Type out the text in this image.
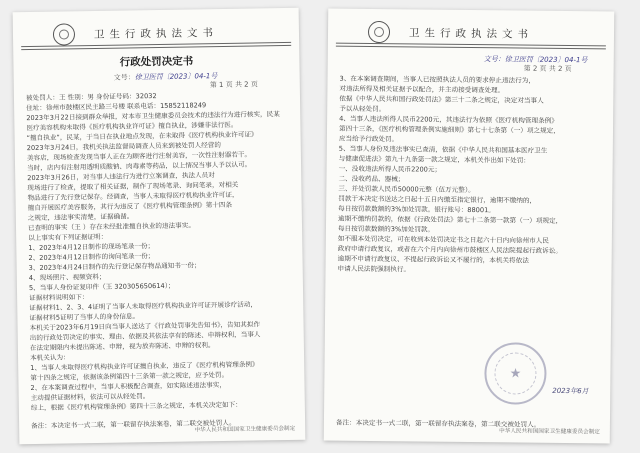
卫生行政执法文书
行政处罚决定书
文号：徐卫医罚〔2023〕04-1号
第 1 页 共 2 页
被处罚人：王 性别：男 身份证号码：32032
住址：徐州市鼓楼区民主路三号楼 联系电话：15852118249
2023年3月22日接到群众举报，对本市卫生健康委员会技术的违法行为进行核实，民某
医疗美容机构未取得《医疗机构执业许可证》擅自执业，涉嫌非法行医。
“擅自执业”，民某，于当日在执业地点发现，在未取得《医疗机构执业许可证》
2023年3月24日，我机关执法监督局调查人员来到被处罚人经营的
美容店，现场检查发现当事人正在为顾客进行注射美容，一次性注射器若干。
当时，店内有注射用透明质酸钠、肉毒素等药品，以上情况当事人予以认可。
2023年3月26日，对当事人违法行为进行立案调查，执法人员对
现场进行了检查，提取了相关证据，制作了现场笔录、询问笔录，对相关
物品进行了先行登记保存。经调查，当事人未取得医疗机构执业许可证，
擅自开展医疗美容服务，其行为违反了《医疗机构管理条例》第十四条
之规定，违法事实清楚，证据确凿。
已查明的事实（王 ）存在未经批准擅自执业的违法事实。
以上事实有下列证据证明：
1、2023年4月12日制作的现场笔录一份；
2、2023年4月12日制作的询问笔录一份；
3、2023年4月24日制作的先行登记保存物品通知书一份；
4、现场照片、视频资料；
5、当事人身份证复印件（王 320305650614）；
证据材料说明如下：
证据材料1、2、3、4证明了当事人未取得医疗机构执业许可证开展诊疗活动，
证据材料5证明了当事人的身份信息。
本机关于2023年6月19日向当事人送达了《行政处罚事先告知书》，告知其拟作
出的行政处罚决定的事实、理由、依据及其依法享有的陈述、申辩权利，当事人
在法定期限内未提出陈述、申辩，视为放弃陈述、申辩的权利。
本机关认为：
1、当事人未取得医疗机构执业许可证擅自执业，违反了《医疗机构管理条例》
第十四条之规定，依据该条例第四十三条第一款之规定，应予处罚。
2、在本案调查过程中，当事人积极配合调查，如实陈述违法事实，
主动提供证据材料，依法可以从轻处罚。
综上，根据《医疗机构管理条例》第四十三条之规定，本机关决定如下：
备注：本决定书一式二联，第一联留存执法案卷，第二联交被处罚人。
中华人民共和国国家卫生健康委员会制定
卫生行政执法文书
文号：徐卫医罚〔2023〕04-1号
第 2 页 共 2 页
3、在本案调查期间，当事人已按照执法人员的要求停止违法行为，
对违法所得及相关证据予以配合，并主动接受调查处理。
依据《中华人民共和国行政处罚法》第三十二条之规定，决定对当事人
予以从轻处罚。
4、当事人违法所得人民币2200元，其违法行为依照《医疗机构管理条例》
第四十三条，《医疗机构管理条例实施细则》第七十七条第（一）项之规定，
应当给予行政处罚。
5、当事人身份及违法事实已查清，依据《中华人民共和国基本医疗卫生
与健康促进法》第九十九条第一款之规定，本机关作出如下处罚：
一、没收违法所得人民币2200元；
二、没收药品、器械；
三、并处罚款人民币50000元整（伍万元整）。
罚款于本决定书送达之日起十五日内缴至指定银行，逾期不缴纳的，
每日按罚款数额的3%加处罚款。银行账号：88001。
逾期不缴纳罚款的，依据《行政处罚法》第七十二条第一款第（一）项规定，
每日按罚款数额的3%加处罚款。
如不服本处罚决定，可在收到本处罚决定书之日起六十日内向徐州市人民
政府申请行政复议，或者在六个月内向徐州市鼓楼区人民法院提起行政诉讼。
逾期不申请行政复议、不提起行政诉讼又不履行的，本机关将依法
申请人民法院强制执行。
★
2023年6月
备注：本决定书一式二联，第一联留存执法案卷，第二联交被处罚人。
中华人民共和国国家卫生健康委员会制定
